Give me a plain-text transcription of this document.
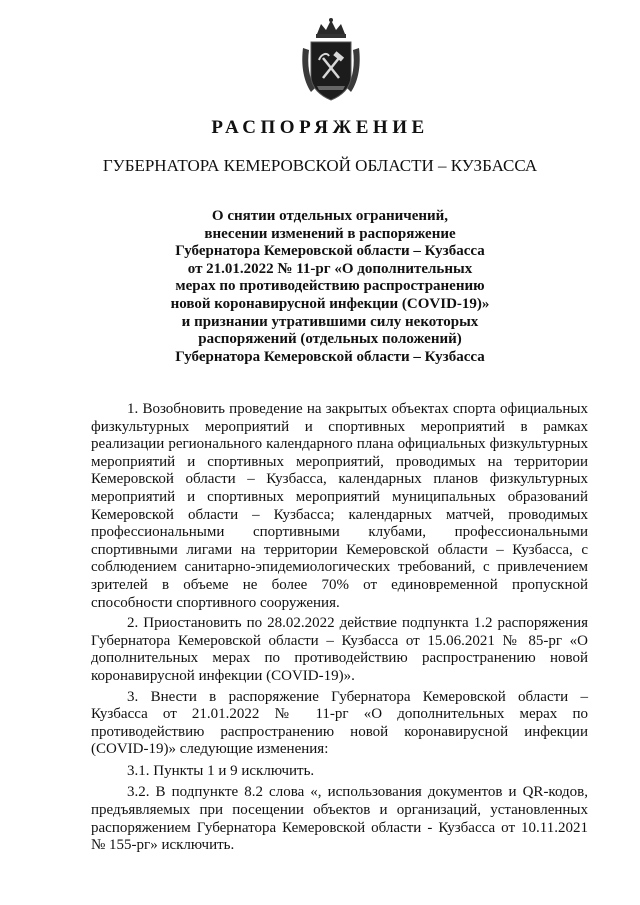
РАСПОРЯЖЕНИЕ
ГУБЕРНАТОРА КЕМЕРОВСКОЙ ОБЛАСТИ – КУЗБАССА
О снятии отдельных ограничений,
внесении изменений в распоряжение
Губернатора Кемеровской области – Кузбасса
от 21.01.2022 № 11-рг «О дополнительных
мерах по противодействию распространению
новой коронавирусной инфекции (COVID-19)»
и признании утратившими силу некоторых
распоряжений (отдельных положений)
Губернатора Кемеровской области – Кузбасса

1. Возобновить проведение на закрытых объектах спорта официальных физкультурных мероприятий и спортивных мероприятий в рамках реализации регионального календарного плана официальных физкультурных мероприятий и спортивных мероприятий, проводимых на территории Кемеровской области – Кузбасса, календарных планов физкультурных мероприятий и спортивных мероприятий муниципальных образований Кемеровской области – Кузбасса; календарных матчей, проводимых профессиональными спортивными клубами, профессиональными спортивными лигами на территории Кемеровской области – Кузбасса, с соблюдением санитарно-эпидемиологических требований, с привлечением зрителей в объеме не более 70% от единовременной пропускной способности спортивного сооружения.

2. Приостановить по 28.02.2022 действие подпункта 1.2 распоряжения Губернатора Кемеровской области – Кузбасса от 15.06.2021 № 85-рг «О дополнительных мерах по противодействию распространению новой коронавирусной инфекции (COVID-19)».

3. Внести в распоряжение Губернатора Кемеровской области – Кузбасса от 21.01.2022 № 11-рг «О дополнительных мерах по противодействию распространению новой коронавирусной инфекции (COVID-19)» следующие изменения:

3.1. Пункты 1 и 9 исключить.

3.2. В подпункте 8.2 слова «, использования документов и QR-кодов, предъявляемых при посещении объектов и организаций, установленных распоряжением Губернатора Кемеровской области - Кузбасса от 10.11.2021 № 155-рг» исключить.
